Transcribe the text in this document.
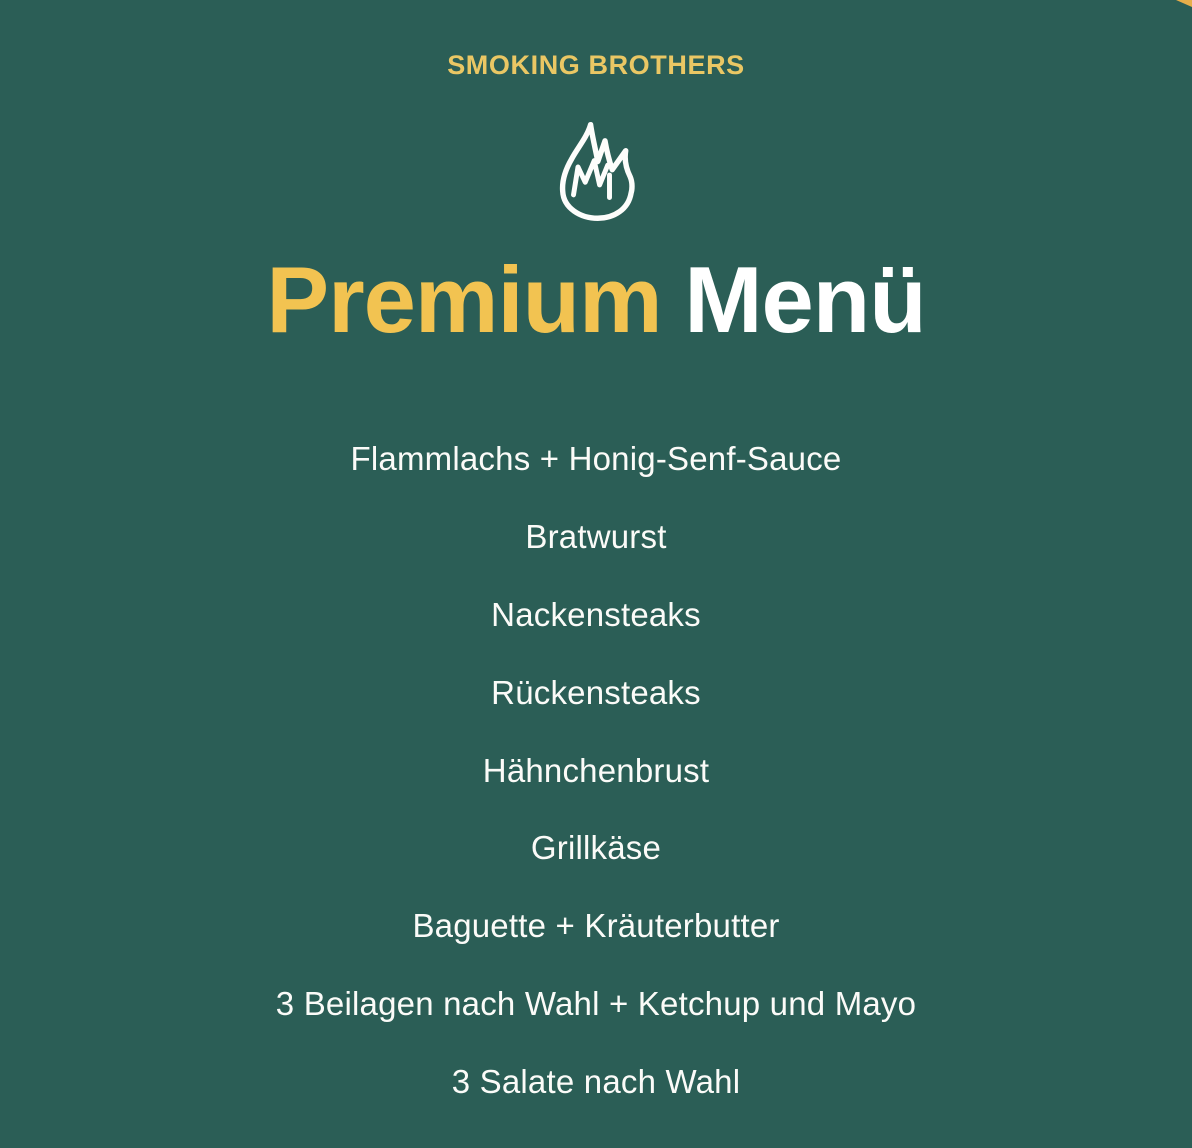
SMOKING BROTHERS
Premium Menü
Flammlachs + Honig-Senf-Sauce
Bratwurst
Nackensteaks
Rückensteaks
Hähnchenbrust
Grillkäse
Baguette + Kräuterbutter
3 Beilagen nach Wahl + Ketchup und Mayo
3 Salate nach Wahl
